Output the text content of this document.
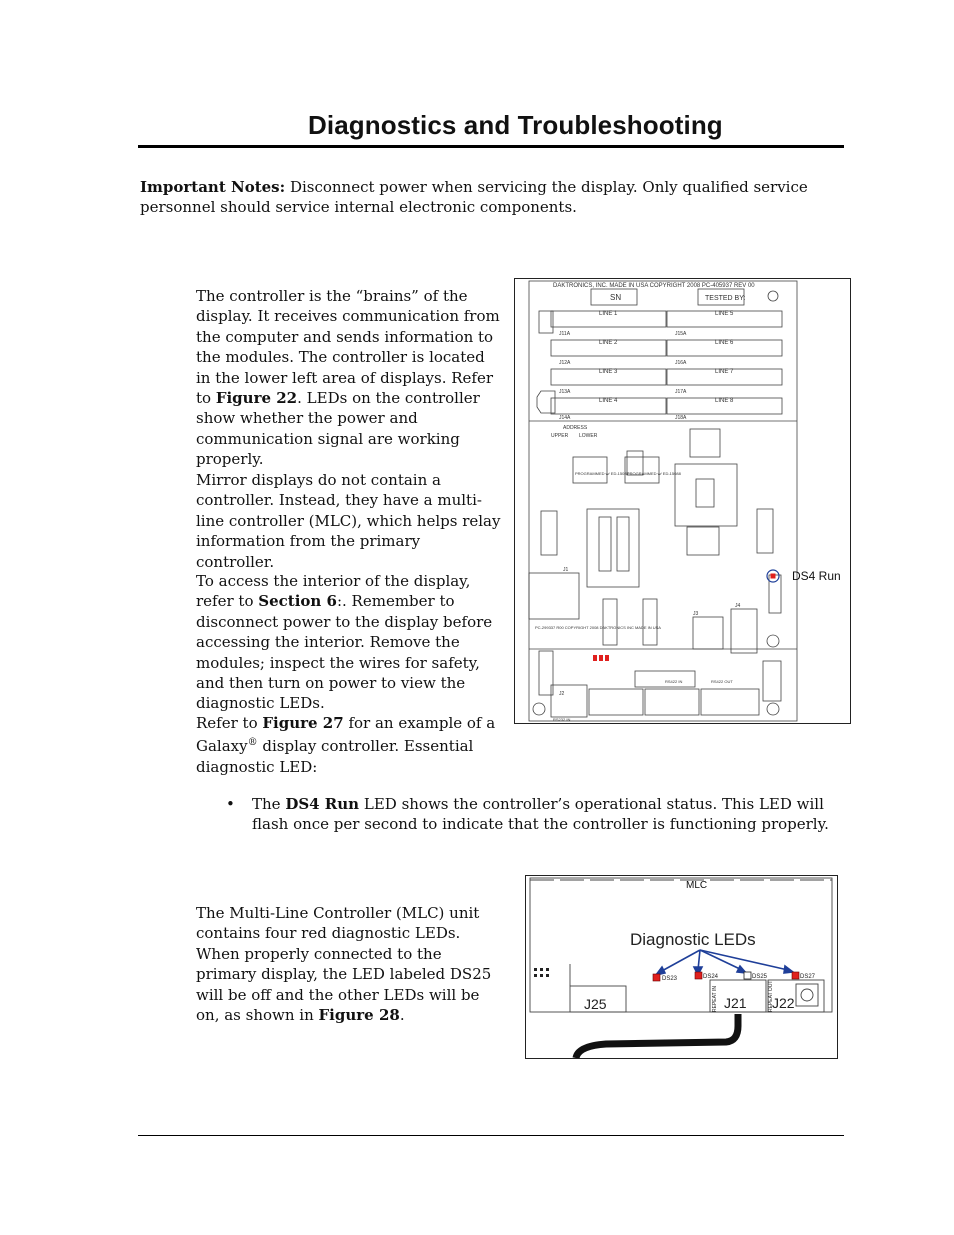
Diagnostics and Troubleshooting
Important Notes: Disconnect power when servicing the display. Only qualified service personnel should service internal electronic components.
The controller is the “brains” of the display. It receives communication from the computer and sends information to the modules. The controller is located in the lower left area of displays. Refer to Figure 22. LEDs on the controller show whether the power and communication signal are working properly.
Mirror displays do not contain a controller. Instead, they have a multi-line controller (MLC), which helps relay information from the primary controller.
To access the interior of the display, refer to Section 6:. Remember to disconnect power to the display before accessing the interior. Remove the modules; inspect the wires for safety, and then turn on power to view the diagnostic LEDs.
Refer to Figure 27 for an example of a Galaxy® display controller. Essential diagnostic LED:
• The DS4 Run LED shows the controller’s operational status. This LED will flash once per second to indicate that the controller is functioning properly.
The Multi-Line Controller (MLC) unit contains four red diagnostic LEDs. When properly connected to the primary display, the LED labeled DS25 will be off and the other LEDs will be on, as shown in Figure 28.
DAKTRONICS, INC. MADE IN USA COPYRIGHT 2008 PC-405937 REV 00
SN	TESTED BY:
LINE 1	LINE 5
LINE 2	LINE 6
LINE 3	LINE 7
LINE 4	LINE 8
J11A	J15A
J12A	J16A
J13A	J17A
J14A	J18A
ADDRESS
UPPER LOWER
PROGRAMMED w/ ED-15087
PROGRAMMED w/ ED-15088
PC-299337 R00 COPYRIGHT 2008 DAKTRONICS INC MADE IN USA
RS232 IN
RS422 IN	RS422 OUT
J1
J2
J3
J4
DS4 Run
MLC
Diagnostic LEDs
DS23	DS24	DS25	DS27
J25	J21 J22
REPEAT IN	REPEAT OUT
